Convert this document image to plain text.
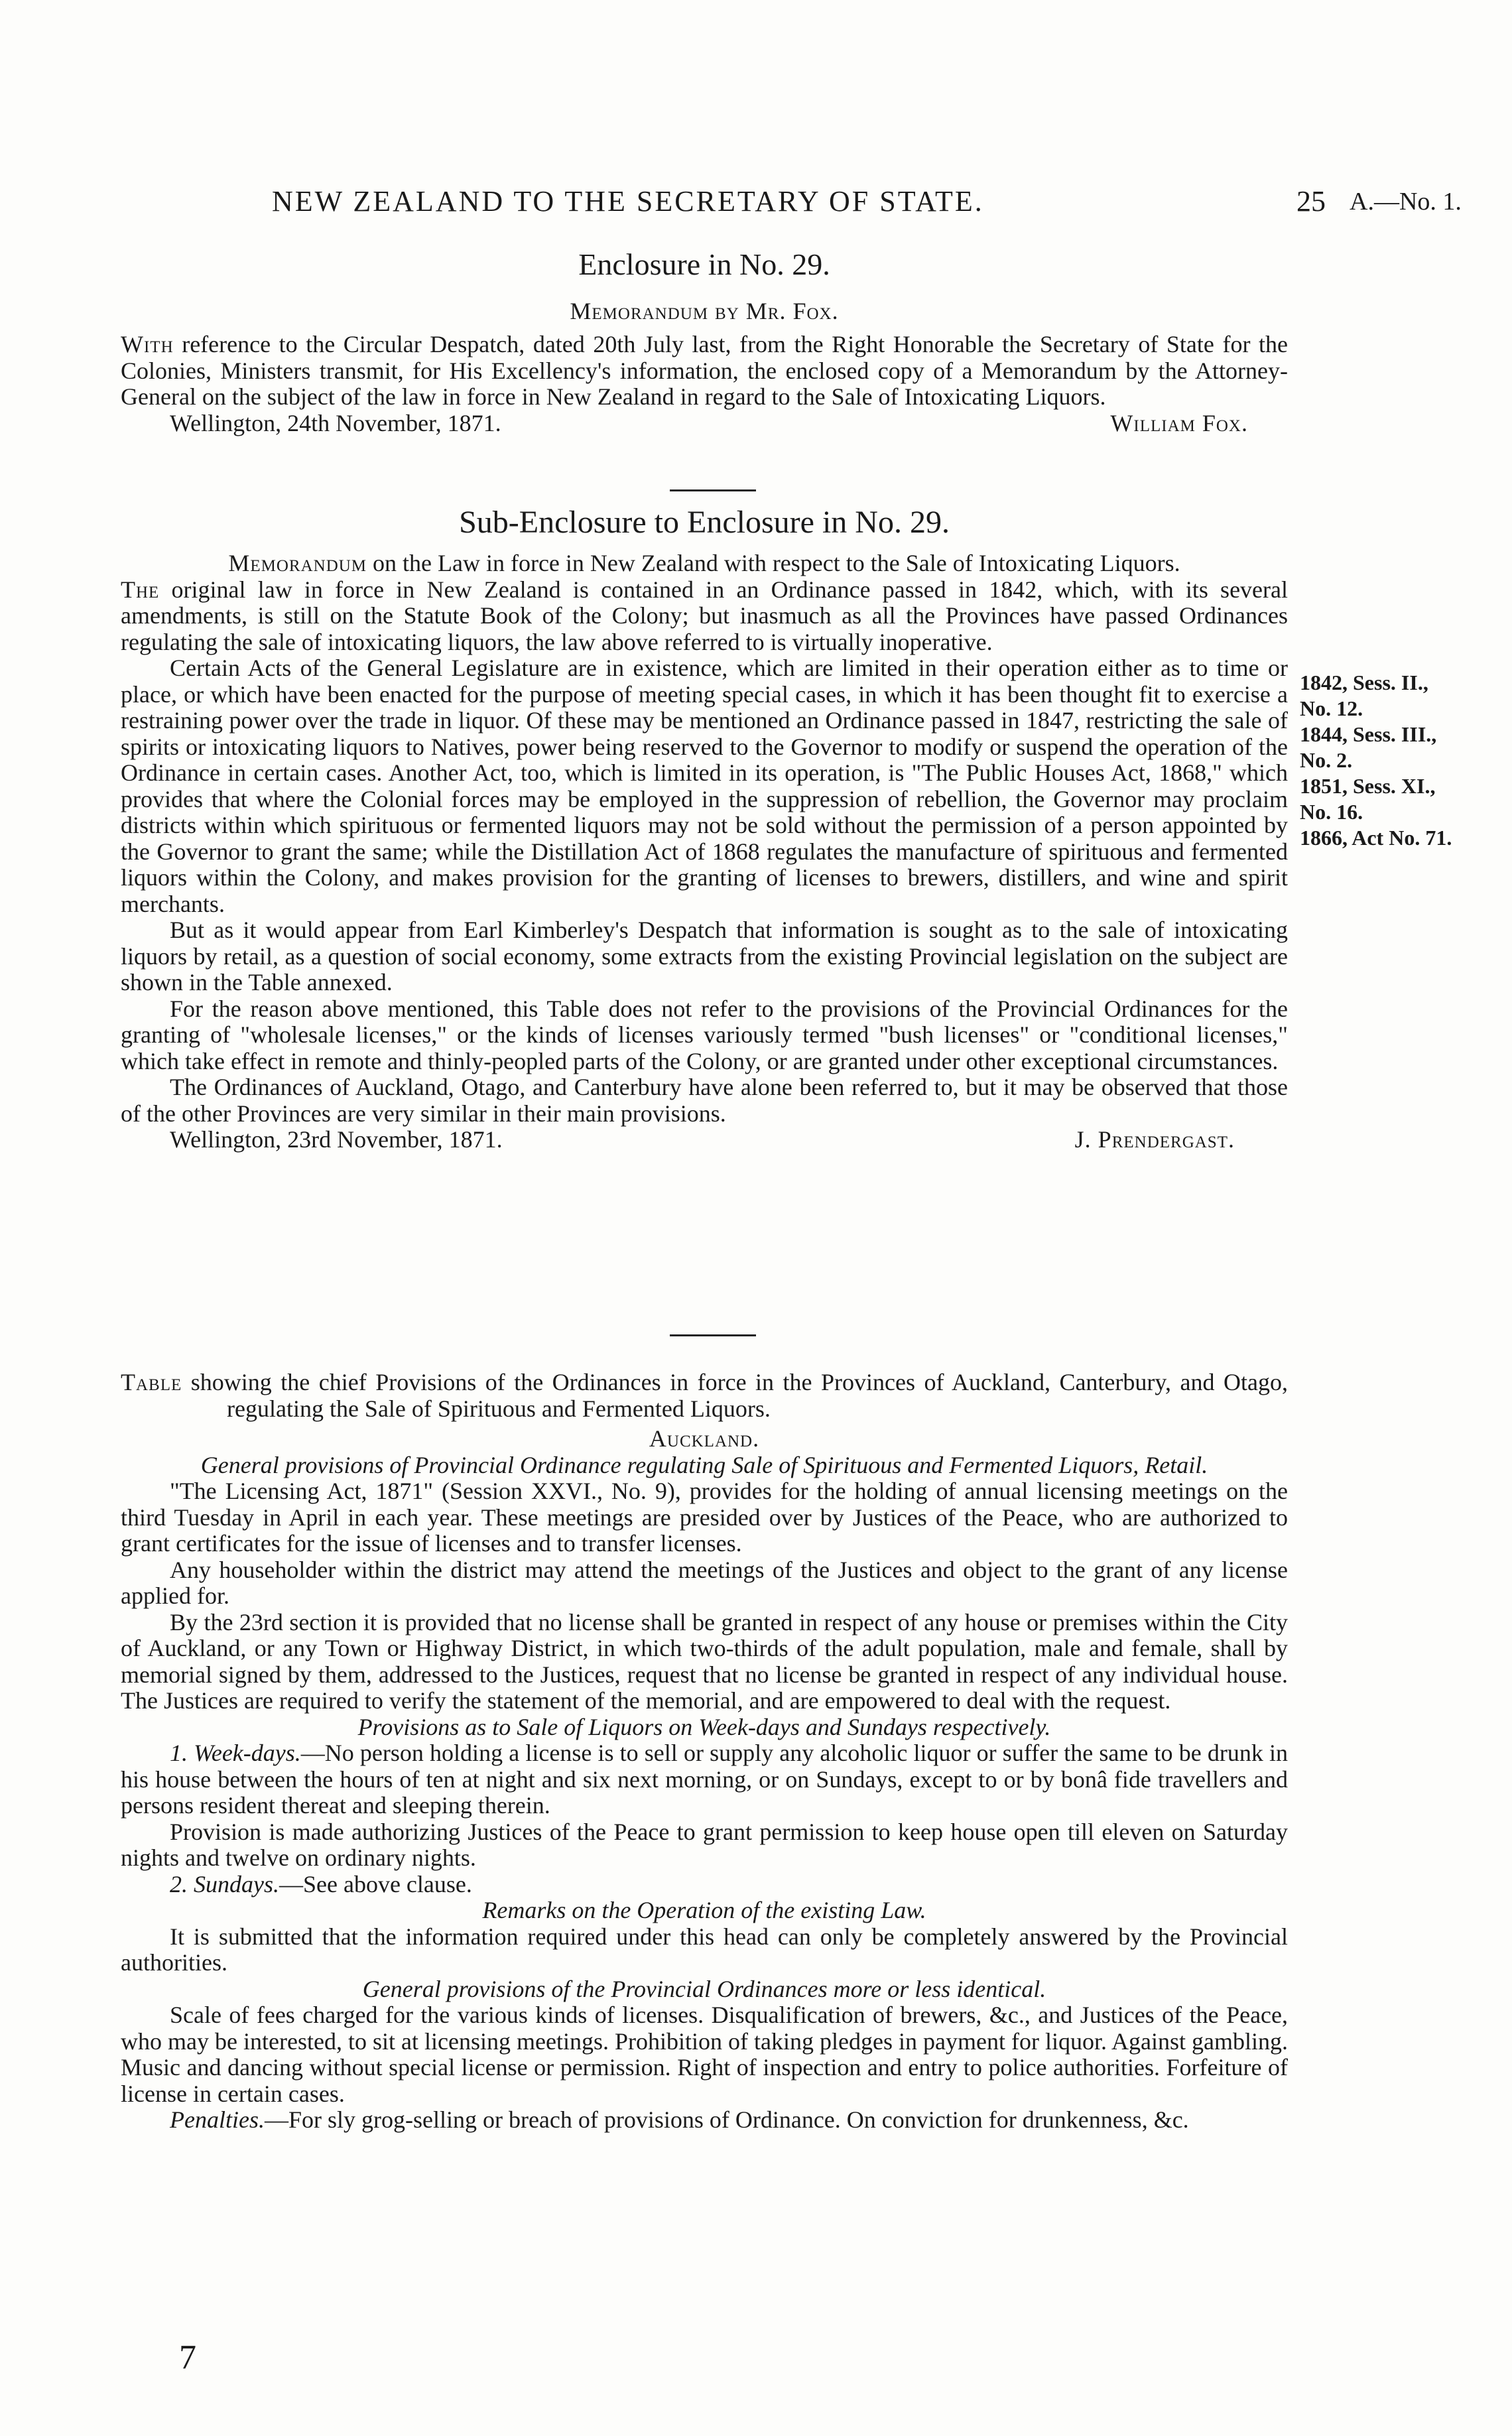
NEW ZEALAND TO THE SECRETARY OF STATE.	25 A.—No. 1.
Enclosure in No. 29.
Memorandum by Mr. Fox.

With reference to the Circular Despatch, dated 20th July last, from the Right Honorable the Secretary of State for the Colonies, Ministers transmit, for His Excellency's information, the enclosed copy of a Memorandum by the Attorney-General on the subject of the law in force in New Zealand in regard to the Sale of Intoxicating Liquors.

Wellington, 24th November, 1871.	William Fox.

Sub-Enclosure to Enclosure in No. 29.

Memorandum on the Law in force in New Zealand with respect to the Sale of Intoxicating Liquors.

The original law in force in New Zealand is contained in an Ordinance passed in 1842, which, with its several amendments, is still on the Statute Book of the Colony; but inasmuch as all the Provinces have passed Ordinances regulating the sale of intoxicating liquors, the law above referred to is virtually inoperative.

Certain Acts of the General Legislature are in existence, which are limited in their operation either as to time or place, or which have been enacted for the purpose of meeting special cases, in which it has been thought fit to exercise a restraining power over the trade in liquor. Of these may be mentioned an Ordinance passed in 1847, restricting the sale of spirits or intoxicating liquors to Natives, power being reserved to the Governor to modify or suspend the operation of the Ordinance in certain cases. Another Act, too, which is limited in its operation, is "The Public Houses Act, 1868," which provides that where the Colonial forces may be employed in the suppression of rebellion, the Governor may proclaim districts within which spirituous or fermented liquors may not be sold without the permission of a person appointed by the Governor to grant the same; while the Distillation Act of 1868 regulates the manufacture of spirituous and fermented liquors within the Colony, and makes provision for the granting of licenses to brewers, distillers, and wine and spirit merchants.

But as it would appear from Earl Kimberley's Despatch that information is sought as to the sale of intoxicating liquors by retail, as a question of social economy, some extracts from the existing Provincial legislation on the subject are shown in the Table annexed.

For the reason above mentioned, this Table does not refer to the provisions of the Provincial Ordinances for the granting of "wholesale licenses," or the kinds of licenses variously termed "bush licenses" or "conditional licenses," which take effect in remote and thinly-peopled parts of the Colony, or are granted under other exceptional circumstances.

The Ordinances of Auckland, Otago, and Canterbury have alone been referred to, but it may be observed that those of the other Provinces are very similar in their main provisions.

Wellington, 23rd November, 1871.	J. Prendergast.

1842, Sess. II.,
No. 12.
1844, Sess. III.,
No. 2.
1851, Sess. XI.,
No. 16.
1866, Act No. 71.

Table showing the chief Provisions of the Ordinances in force in the Provinces of Auckland, Canterbury, and Otago, regulating the Sale of Spirituous and Fermented Liquors.

Auckland.

General provisions of Provincial Ordinance regulating Sale of Spirituous and Fermented Liquors, Retail.

"The Licensing Act, 1871" (Session XXVI., No. 9), provides for the holding of annual licensing meetings on the third Tuesday in April in each year. These meetings are presided over by Justices of the Peace, who are authorized to grant certificates for the issue of licenses and to transfer licenses.

Any householder within the district may attend the meetings of the Justices and object to the grant of any license applied for.

By the 23rd section it is provided that no license shall be granted in respect of any house or premises within the City of Auckland, or any Town or Highway District, in which two-thirds of the adult population, male and female, shall by memorial signed by them, addressed to the Justices, request that no license be granted in respect of any individual house. The Justices are required to verify the statement of the memorial, and are empowered to deal with the request.

Provisions as to Sale of Liquors on Week-days and Sundays respectively.

1. Week-days.—No person holding a license is to sell or supply any alcoholic liquor or suffer the same to be drunk in his house between the hours of ten at night and six next morning, or on Sundays, except to or by bonâ fide travellers and persons resident thereat and sleeping therein.

Provision is made authorizing Justices of the Peace to grant permission to keep house open till eleven on Saturday nights and twelve on ordinary nights.

2. Sundays.—See above clause.

Remarks on the Operation of the existing Law.

It is submitted that the information required under this head can only be completely answered by the Provincial authorities.

General provisions of the Provincial Ordinances more or less identical.

Scale of fees charged for the various kinds of licenses. Disqualification of brewers, &c., and Justices of the Peace, who may be interested, to sit at licensing meetings. Prohibition of taking pledges in payment for liquor. Against gambling. Music and dancing without special license or permission. Right of inspection and entry to police authorities. Forfeiture of license in certain cases.

Penalties.—For sly grog-selling or breach of provisions of Ordinance. On conviction for drunkenness, &c.

7
